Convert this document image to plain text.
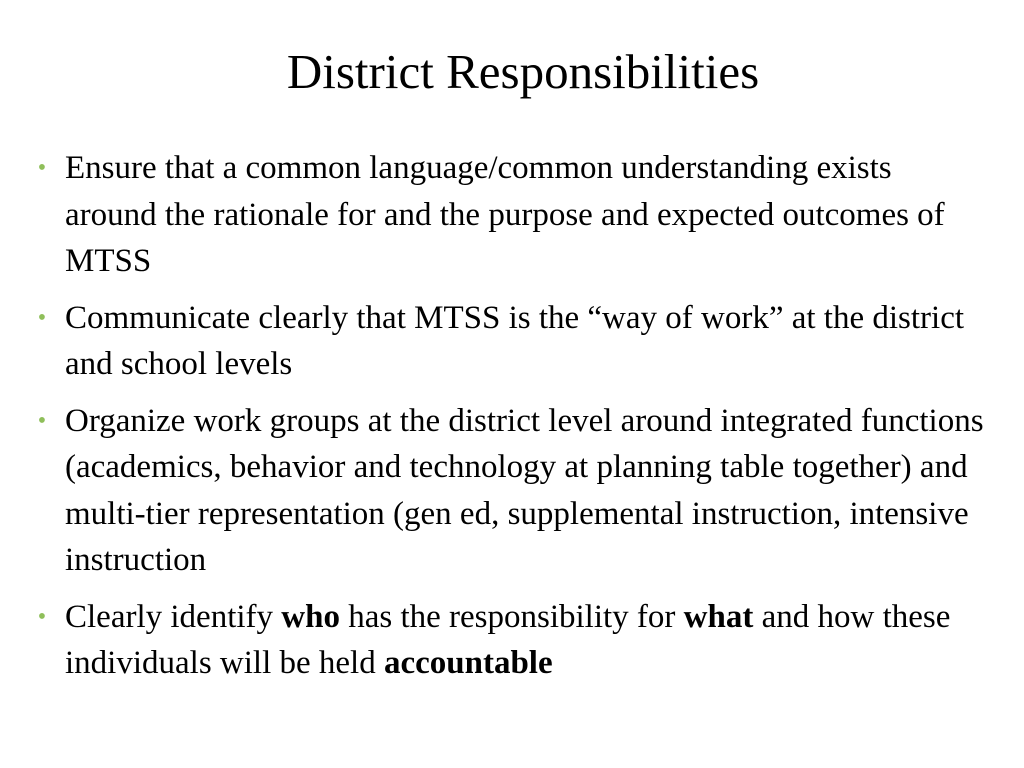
District Responsibilities
• Ensure that a common language/common understanding exists around the rationale for and the purpose and expected outcomes of MTSS
• Communicate clearly that MTSS is the “way of work” at the district and school levels
• Organize work groups at the district level around integrated functions (academics, behavior and technology at planning table together) and multi-tier representation (gen ed, supplemental instruction, intensive instruction
• Clearly identify who has the responsibility for what and how these individuals will be held accountable
